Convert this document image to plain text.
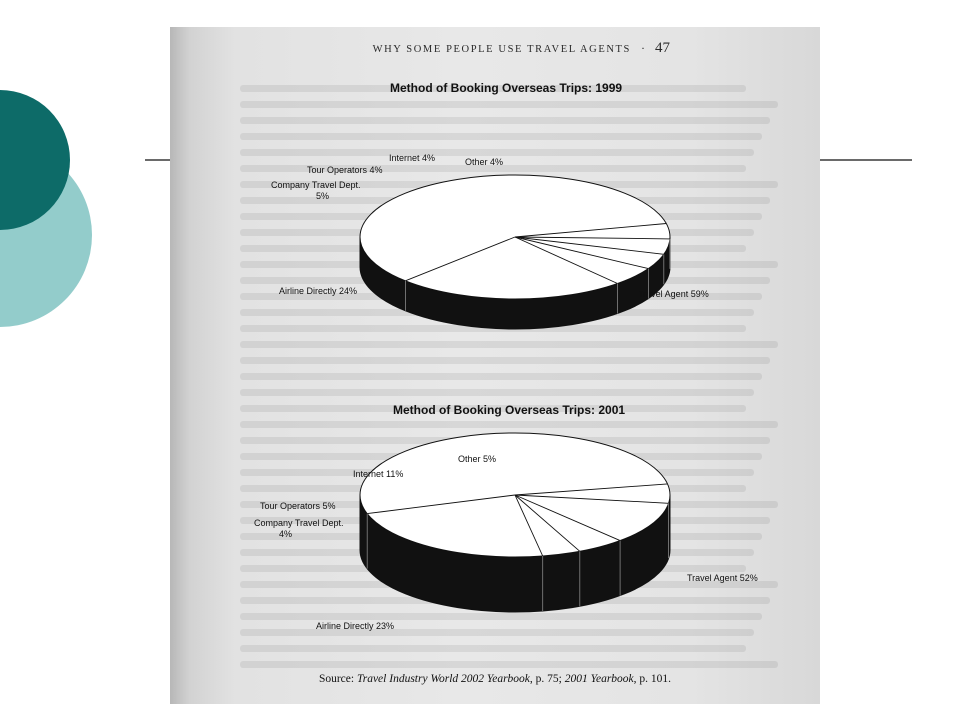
WHY SOME PEOPLE USE TRAVEL AGENTS · 47
Method of Booking Overseas Trips: 1999
Travel Agent 59%
Airline Directly 24%
Company Travel Dept. 5%
Tour Operators 4%
Internet 4%	Other 4%
Method of Booking Overseas Trips: 2001
Travel Agent 52%
Airline Directly 23%
Company Travel Dept. 4%
Tour Operators 5%
Internet 11%
Other 5%
Source: Travel Industry World 2002 Yearbook, p. 75; 2001 Yearbook, p. 101.
